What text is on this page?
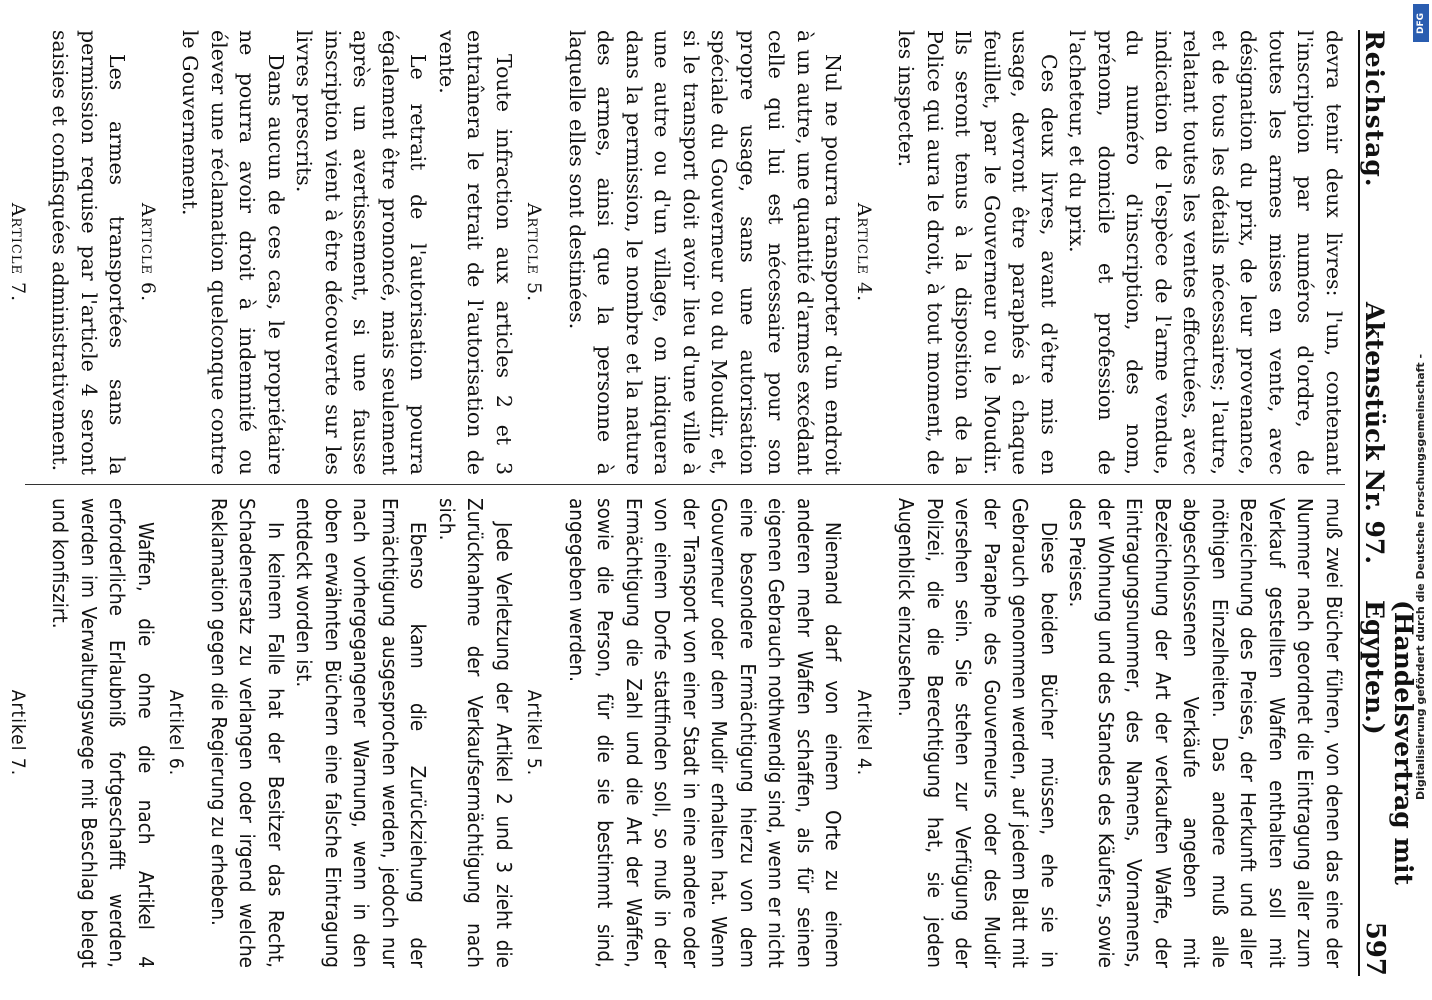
Reichstag.
Aktenstück Nr. 97.
(Handelsvertrag mit Egypten.)
597

devra tenir deux livres: l'un, contenant l'inscription par numéros d'ordre, de toutes les armes mises en vente, avec désignation du prix, de leur provenance, et de tous les détails nécessaires; l'autre, relatant toutes les ventes effectuées, avec indication de l'espèce de l'arme vendue, du numéro d'inscription, des nom, prénom, domicile et profession de l'acheteur, et du prix.

Ces deux livres, avant d'être mis en usage, devront être paraphés à chaque feuillet, par le Gouverneur ou le Moudir. Ils seront tenus à la disposition de la Police qui aura le droit, à tout moment, de les inspecter.

Article 4.

Nul ne pourra transporter d'un endroit à un autre, une quantité d'armes excédant celle qui lui est nécessaire pour son propre usage, sans une autorisation spéciale du Gouverneur ou du Moudir, et, si le transport doit avoir lieu d'une ville à une autre ou d'un village, on indiquera dans la permission, le nombre et la nature des armes, ainsi que la personne à laquelle elles sont destinées.

Article 5.

Toute infraction aux articles 2 et 3 entraînera le retrait de l'autorisation de vente.

Le retrait de l'autorisation pourra également être prononcé, mais seulement après un avertissement, si une fausse inscription vient à être découverte sur les livres prescrits.

Dans aucun de ces cas, le propriétaire ne pourra avoir droit à indemnité ou élever une réclamation quelconque contre le Gouvernement.

Article 6.

Les armes transportées sans la permission requise par l'article 4 seront saisies et confisquées administrativement.

Article 7.

muß zwei Bücher führen, von denen das eine der Nummer nach geordnet die Eintragung aller zum Verkauf gestellten Waffen enthalten soll mit Bezeichnung des Preises, der Herkunft und aller nöthigen Einzelheiten. Das andere muß alle abgeschlossenen Verkäufe angeben mit Bezeichnung der Art der verkauften Waffe, der Eintragungsnummer, des Namens, Vornamens, der Wohnung und des Standes des Käufers, sowie des Preises.

Diese beiden Bücher müssen, ehe sie in Gebrauch genommen werden, auf jedem Blatt mit der Paraphe des Gouverneurs oder des Mudir versehen sein. Sie stehen zur Verfügung der Polizei, die die Berechtigung hat, sie jeden Augenblick einzusehen.

Artikel 4.

Niemand darf von einem Orte zu einem anderen mehr Waffen schaffen, als für seinen eigenen Gebrauch nothwendig sind, wenn er nicht eine besondere Ermächtigung hierzu von dem Gouverneur oder dem Mudir erhalten hat. Wenn der Transport von einer Stadt in eine andere oder von einem Dorfe stattfinden soll, so muß in der Ermächtigung die Zahl und die Art der Waffen, sowie die Person, für die sie bestimmt sind, angegeben werden.

Artikel 5.

Jede Verletzung der Artikel 2 und 3 zieht die Zurücknahme der Verkaufsermächtigung nach sich.

Ebenso kann die Zurückziehung der Ermächtigung ausgesprochen werden, jedoch nur nach vorhergegangener Warnung, wenn in den oben erwähnten Büchern eine falsche Eintragung entdeckt worden ist.

In keinem Falle hat der Besitzer das Recht, Schadenersatz zu verlangen oder irgend welche Reklamation gegen die Regierung zu erheben.

Artikel 6.

Waffen, die ohne die nach Artikel 4 erforderliche Erlaubniß fortgeschafft werden, werden im Verwaltungswege mit Beschlag belegt und konfiszirt.

Artikel 7.	Digitalisierung gefördert durch die Deutsche Forschungsgemeinschaft -
DFG
